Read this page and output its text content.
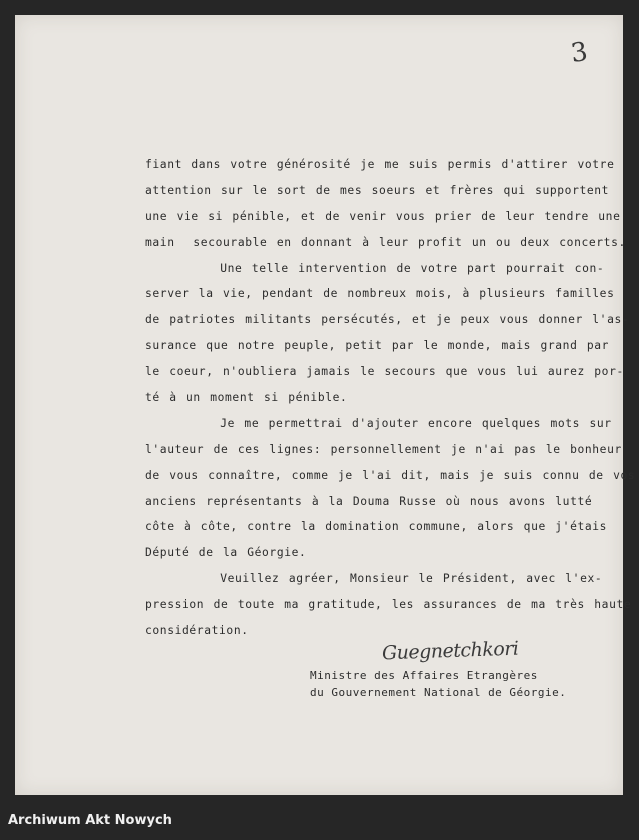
3
fiant dans votre générosité je me suis permis d'attirer votre
attention sur le sort de mes soeurs et frères qui supportent
une vie si pénible, et de venir vous prier de leur tendre une
main  secourable en donnant à leur profit un ou deux concerts.
Une telle intervention de votre part pourrait con-
server la vie, pendant de nombreux mois, à plusieurs familles
de patriotes militants persécutés, et je peux vous donner l'as-
surance que notre peuple, petit par le monde, mais grand par
le coeur, n'oubliera jamais le secours que vous lui aurez por-
té à un moment si pénible.
Je me permettrai d'ajouter encore quelques mots sur
l'auteur de ces lignes: personnellement je n'ai pas le bonheur
de vous connaître, comme je l'ai dit, mais je suis connu de vos
anciens représentants à la Douma Russe où nous avons lutté
côte à côte, contre la domination commune, alors que j'étais
Député de la Géorgie.
Veuillez agréer, Monsieur le Président, avec l'ex-
pression de toute ma gratitude, les assurances de ma très haute
considération.
Guegnetchkori
Ministre des Affaires Etrangères
du Gouvernement National de Géorgie.
Archiwum Akt Nowych
